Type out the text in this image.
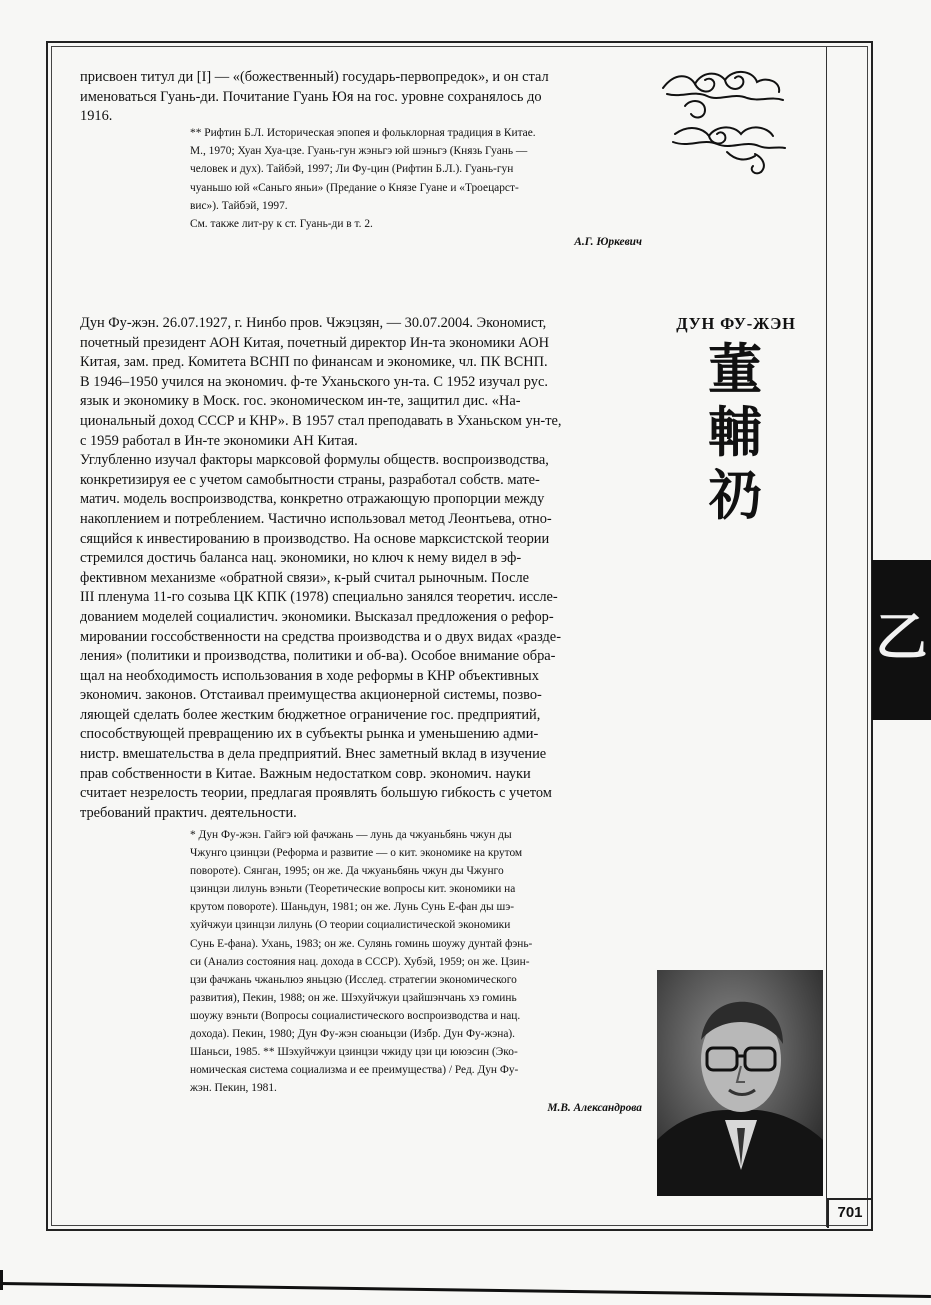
присвоен титул ди [I] — «(божественный) государь-первопредок», и он стал
именоваться Гуань-ди. Почитание Гуань Юя на гос. уровне сохранялось до
1916.
** Рифтин Б.Л. Историческая эпопея и фольклорная традиция в Китае.
М., 1970; Хуан Хуа-цзе. Гуань-гун жэньгэ юй шэньгэ (Князь Гуань —
человек и дух). Тайбэй, 1997; Ли Фу-цин (Рифтин Б.Л.). Гуань-гун
чуаньшо юй «Саньго яньи» (Предание о Князе Гуане и «Троецарст-
вис»). Тайбэй, 1997.
См. также лит-ру к ст. Гуань-ди в т. 2.

А.Г. Юркевич

ДУН ФУ-ЖЭН

董

輔

礽

Дун Фу-жэн. 26.07.1927, г. Нинбо пров. Чжэцзян, — 30.07.2004. Экономист,
почетный президент АОН Китая, почетный директор Ин-та экономики АОН
Китая, зам. пред. Комитета ВСНП по финансам и экономике, чл. ПК ВСНП.
В 1946–1950 учился на экономич. ф-те Уханьского ун-та. С 1952 изучал рус.
язык и экономику в Моск. гос. экономическом ин-те, защитил дис. «На-
циональный доход СССР и КНР». В 1957 стал преподавать в Уханьском ун-те,
с 1959 работал в Ин-те экономики АН Китая.
Углубленно изучал факторы марксовой формулы обществ. воспроизводства,
конкретизируя ее с учетом самобытности страны, разработал собств. мате-
матич. модель воспроизводства, конкретно отражающую пропорции между
накоплением и потреблением. Частично использовал метод Леонтьева, отно-
сящийся к инвестированию в производство. На основе марксистской теории
стремился достичь баланса нац. экономики, но ключ к нему видел в эф-
фективном механизме «обратной связи», к-рый считал рыночным. После
III пленума 11-го созыва ЦК КПК (1978) специально занялся теоретич. иссле-
дованием моделей социалистич. экономики. Высказал предложения о рефор-
мировании госсобственности на средства производства и о двух видах «разде-
ления» (политики и производства, политики и об-ва). Особое внимание обра-
щал на необходимость использования в ходе реформы в КНР объективных
экономич. законов. Отстаивал преимущества акционерной системы, позво-
ляющей сделать более жестким бюджетное ограничение гос. предприятий,
способствующей превращению их в субъекты рынка и уменьшению адми-
нистр. вмешательства в дела предприятий. Внес заметный вклад в изучение
прав собственности в Китае. Важным недостатком совр. экономич. науки
считает незрелость теории, предлагая проявлять большую гибкость с учетом
требований практич. деятельности.
* Дун Фу-жэн. Гайгэ юй фачжань — лунь да чжуаньбянь чжун ды
Чжунго цзинцзи (Реформа и развитие — о кит. экономике на крутом
повороте). Сянган, 1995; он же. Да чжуаньбянь чжун ды Чжунго
цзинцзи лилунь вэньти (Теоретические вопросы кит. экономики на
крутом повороте). Шаньдун, 1981; он же. Лунь Сунь Е-фан ды шэ-
хуйчжуи цзинцзи лилунь (О теории социалистической экономики
Сунь Е-фана). Ухань, 1983; он же. Сулянь гоминь шоужу дунтай фэнь-
си (Анализ состояния нац. дохода в СССР). Хубэй, 1959; он же. Цзин-
цзи фачжань чжаньлюэ яньцзю (Исслед. стратегии экономического
развития), Пекин, 1988; он же. Шэхуйчжуи цзайшэнчань хэ гоминь
шоужу вэньти (Вопросы социалистического воспроизводства и нац.
дохода). Пекин, 1980; Дун Фу-жэн сюаньцзи (Избр. Дун Фу-жэна).
Шаньси, 1985. ** Шэхуйчжуи цзинцзи чжиду цзи ци ююэсин (Эко-
номическая система социализма и ее преимущества) / Ред. Дун Фу-
жэн. Пекин, 1981.

М.В. Александрова

乙

701
